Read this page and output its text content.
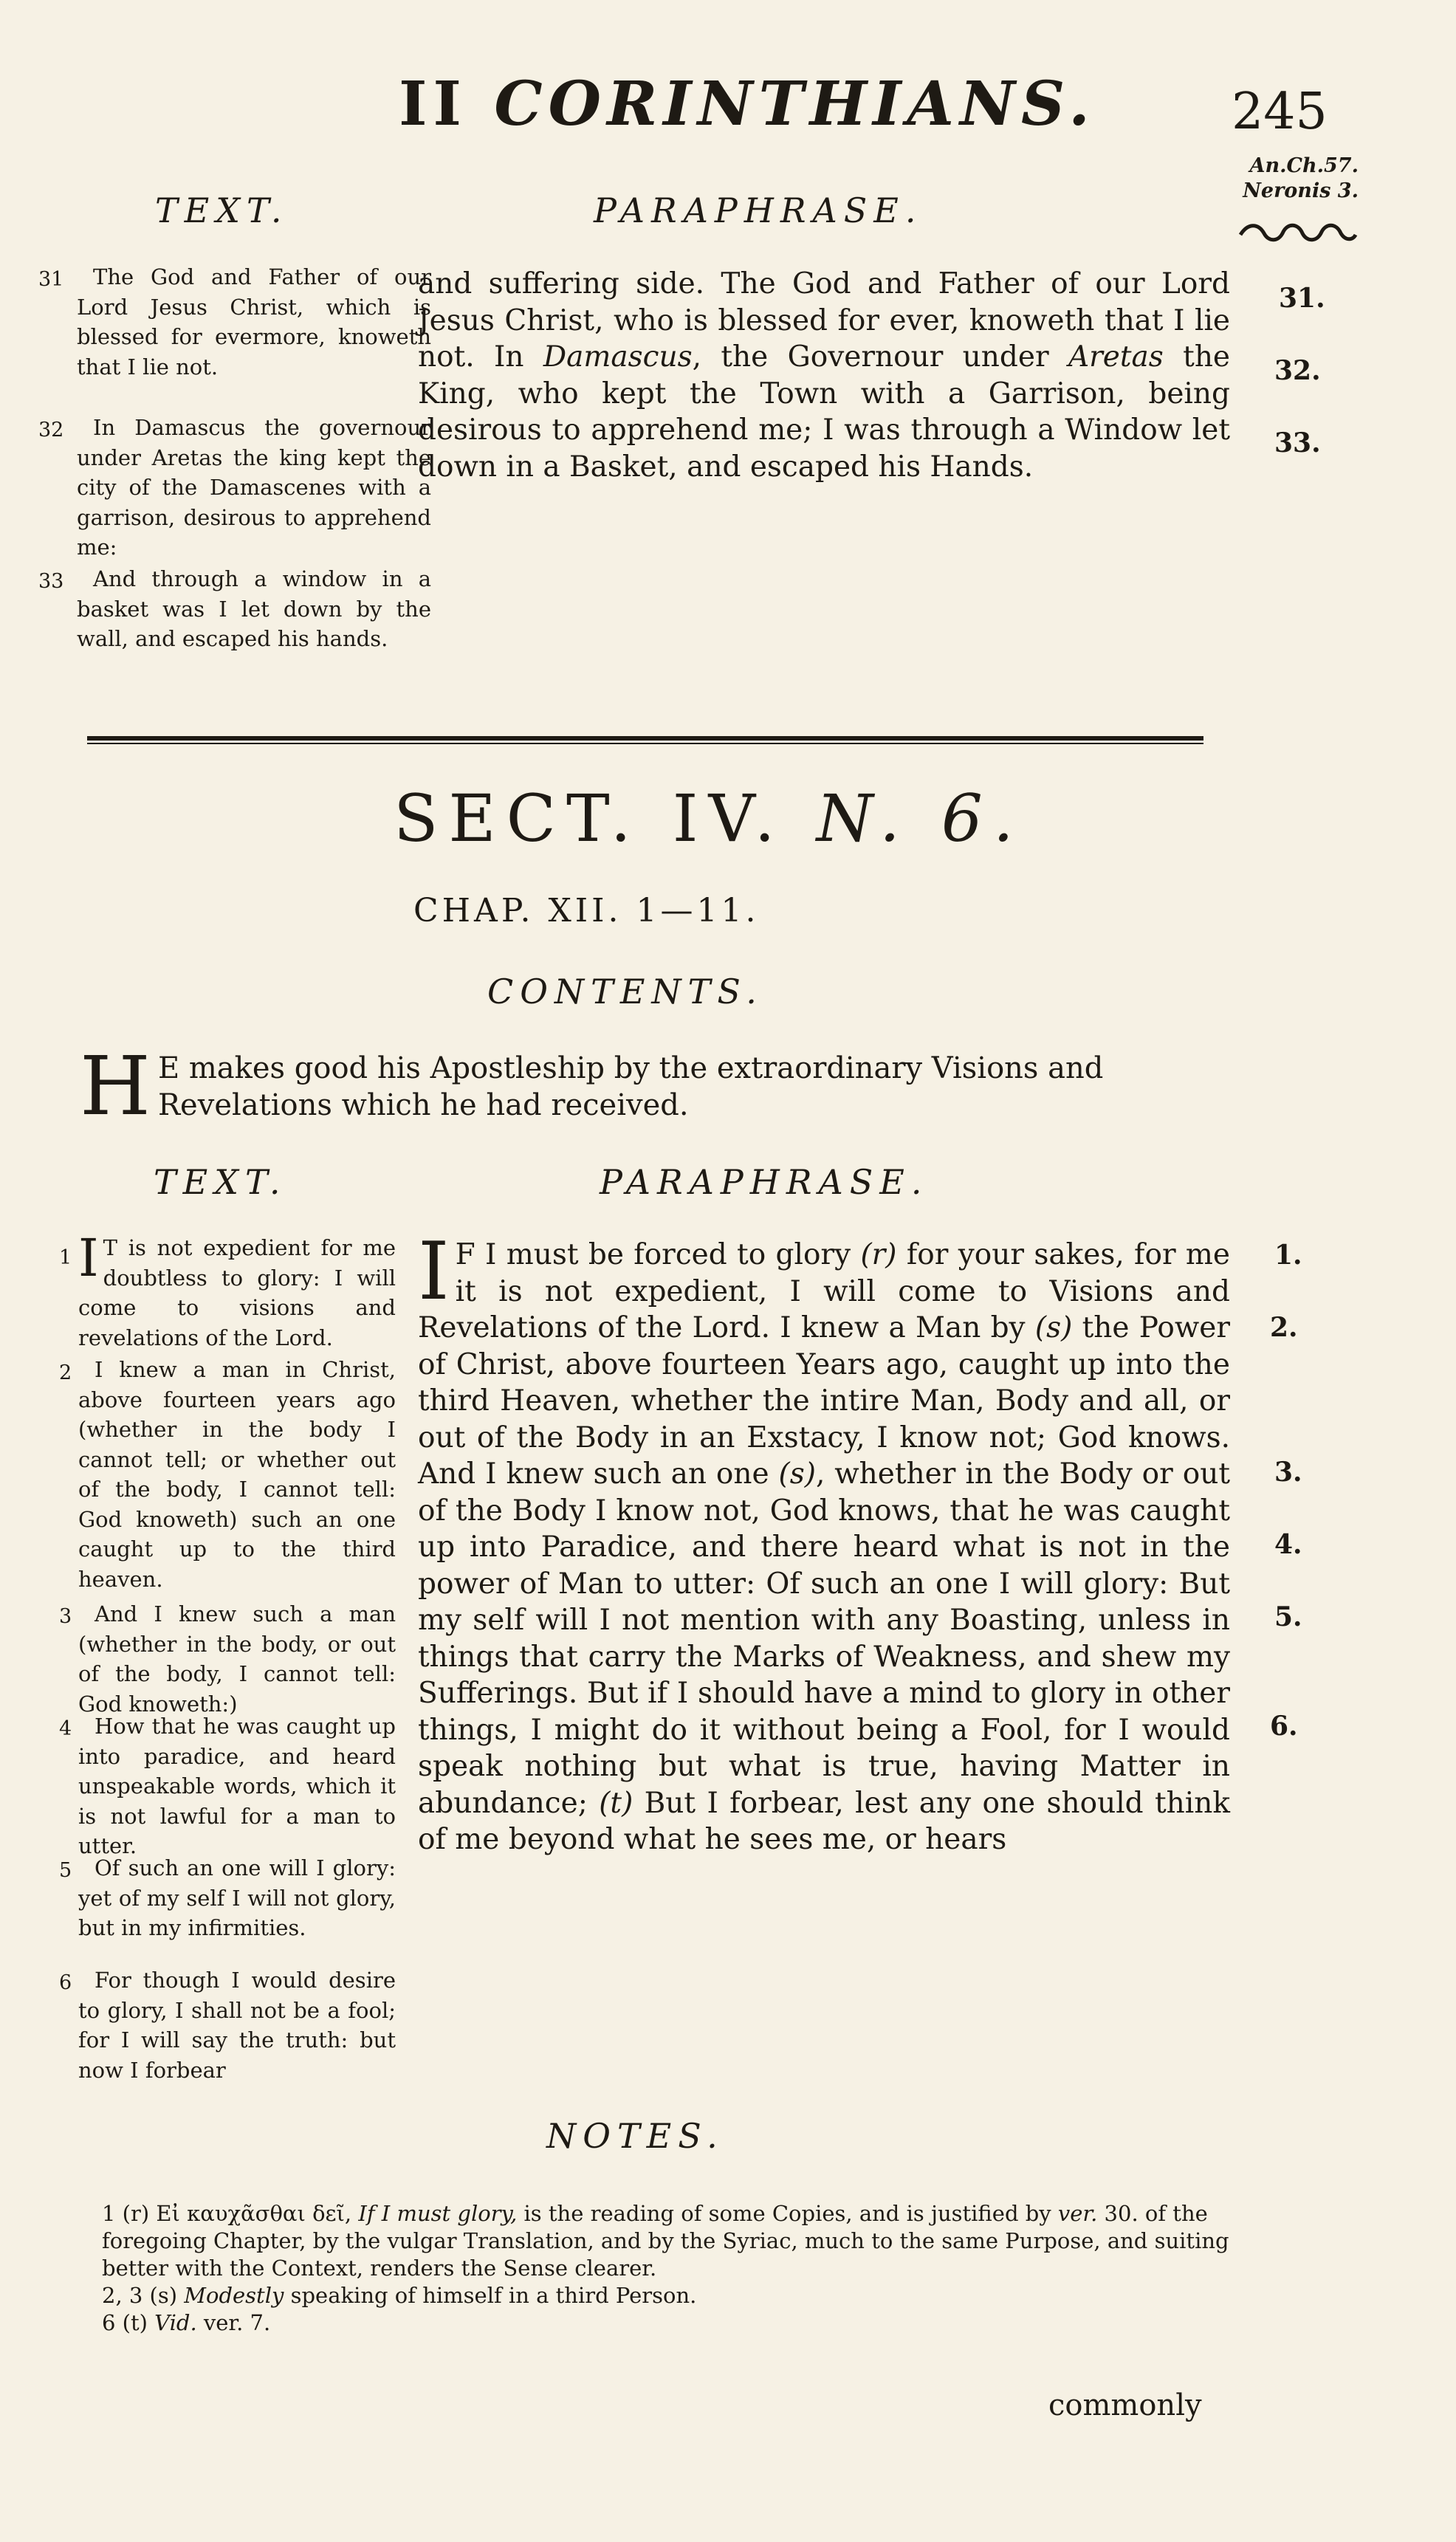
II CORINTHIANS.	245
An.Ch.57.
Neronis 3.
TEXT.	PARAPHRASE.
31
32
33
The God and Father of our Lord Jesus Christ, which is blessed for evermore, knoweth that I lie not.
In Damascus the governour under Aretas the king kept the city of the Damascenes with a garrison, desirous to apprehend me:
And through a window in a basket was I let down by the wall, and escaped his hands.
and suffering side. The God and Father of our Lord Jesus Christ, who is blessed for ever, knoweth that I lie not. In Damascus, the Governour under Aretas the King, who kept the Town with a Garrison, being desirous to apprehend me; I was through a Window let down in a Basket, and escaped his Hands.
31.
32.
33.
SECT. IV. N. 6.
CHAP. XII. 1—11.
CONTENTS.
H E makes good his Apostleship by the extraordinary Visions and Revelations which he had received.
TEXT.	PARAPHRASE.
1
2
3
4
5
6
I T is not expedient for me doubtless to glory: I will come to visions and revelations of the Lord.
I knew a man in Christ, above fourteen years ago (whether in the body I cannot tell; or whether out of the body, I cannot tell: God knoweth) such an one caught up to the third heaven.
And I knew such a man (whether in the body, or out of the body, I cannot tell: God knoweth:)
How that he was caught up into paradice, and heard unspeakable words, which it is not lawful for a man to utter.
Of such an one will I glory: yet of my self I will not glory, but in my infirmities.
For though I would desire to glory, I shall not be a fool; for I will say the truth: but now I forbear
I F I must be forced to glory (r) for your sakes, for me it is not expedient, I will come to Visions and Revelations of the Lord. I knew a Man by (s) the Power of Christ, above fourteen Years ago, caught up into the third Heaven, whether the intire Man, Body and all, or out of the Body in an Exstacy, I know not; God knows. And I knew such an one (s), whether in the Body or out of the Body I know not, God knows, that he was caught up into Paradice, and there heard what is not in the power of Man to utter: Of such an one I will glory: But my self will I not mention with any Boasting, unless in things that carry the Marks of Weakness, and shew my Sufferings. But if I should have a mind to glory in other things, I might do it without being a Fool, for I would speak nothing but what is true, having Matter in abundance; (t) But I forbear, lest any one should think of me beyond what he sees me, or hears
1.
2.
3.
4.
5.
6.
NOTES.

1 (r) Εἰ καυχᾶσθαι δεῖ, If I must glory, is the reading of some Copies, and is justified by ver. 30. of the foregoing Chapter, by the vulgar Translation, and by the Syriac, much to the same Purpose, and suiting better with the Context, renders the Sense clearer.

2, 3 (s) Modestly speaking of himself in a third Person.

6 (t) Vid. ver. 7.

commonly
